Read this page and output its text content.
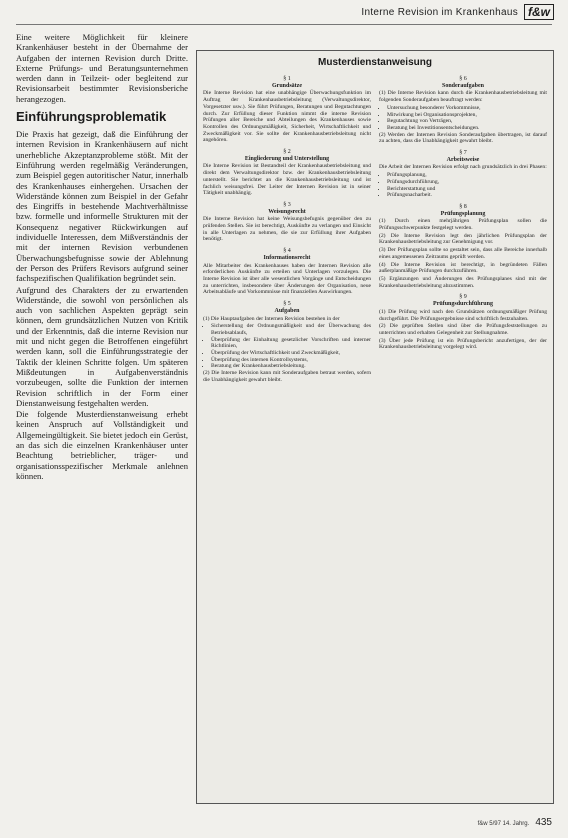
Interne Revision im Krankenhaus f&w

Eine weitere Möglichkeit für kleinere Krankenhäuser besteht in der Übernahme der Aufgaben der internen Revision durch Dritte. Externe Prüfungs- und Beratungsunternehmen werden dann in Teilzeit- oder begleitend zur Revisionsarbeit bestimmter Revisionsberiche herangezogen.

Einführungsproblematik

Die Praxis hat gezeigt, daß die Einführung der internen Revision in Krankenhäusern auf nicht unerhebliche Akzeptanzprobleme stößt. Mit der Einführung werden regelmäßig Veränderungen, zum Beispiel gegen autoritischer Natur, innerhalb des Krankenhauses einhergehen. Ursachen der Widerstände können zum Beispiel in der Gefahr des Eingriffs in bestehende Machtverhältnisse bzw. formelle und informelle Strukturen mit der Konsequenz negativer Rückwirkungen auf individuelle Interessen, dem Mißverständnis der mit der internen Revision verbundenen Überwachungsbefugnisse sowie der Ablehnung der Person des Prüfers Revisors aufgrund seiner fachspezifischen Qualifikation begründet sein.

Aufgrund des Charakters der zu erwartenden Widerstände, die sowohl von persönlichen als auch von sachlichen Aspekten geprägt sein können, dem grundsätzlichen Nutzen von Kritik und der Erkenntnis, daß die interne Revision nur mit und nicht gegen die Betroffenen eingeführt werden kann, soll die Einführungsstrategie der Taktik der kleinen Schritte folgen. Um späteren Mißdeutungen in Aufgabenverständnis vorzubeugen, sollte die Funktion der internen Revision schriftlich in der Form einer Dienstanweisung festgehalten werden.

Die folgende Musterdienstanweisung erhebt keinen Anspruch auf Vollständigkeit und Allgemeingültigkeit. Sie bietet jedoch ein Gerüst, an das sich die einzelnen Krankenhäuser unter Beachtung betrieblicher, träger- und organisationsspezifischer Merkmale anlehnen können.

Musterdienstanweisung
§ 1
Grundsätze

Die Interne Revision hat eine unabhängige Überwachungsfunktion im Auftrag der Krankenhausbetriebsleitung (Verwaltungsdirektor, Vorgesetzter usw.). Sie führt Prüfungen, Beratungen und Begutachtungen durch. Zur Erfüllung dieser Funktion nimmt die interne Revision Prüfungen aller Bereiche und Abteilungen des Krankenhauses sowie Kontrollen des Ordnungsmäßigkeit, Sicherheit, Wirtschaftlichkeit und Zweckmäßigkeit vor. Sie sollte der Krankenhausbetriebsleitung nicht angehören.

§ 2
Eingliederung und Unterstellung

Die Interne Revision ist Bestandteil der Krankenhausbetriebsleitung und direkt dem Verwaltungsdirektor bzw. der Krankenhausbetriebsleitung unterstellt. Sie berichtet an die Krankenhausbetriebsleitung und ist fachlich weisungsfrei. Der Leiter der Internen Revision ist in seiner Tätigkeit unabhängig.

§ 3
Weisungsrecht

Die Interne Revision hat keine Weisungsbefugnis gegenüber den zu prüfenden Stellen. Sie ist berechtigt, Auskünfte zu verlangen und Einsicht in alle Unterlagen zu nehmen, die sie zur Erfüllung ihrer Aufgaben benötigt.

§ 4
Informationsrecht

Alle Mitarbeiter des Krankenhauses haben der Internen Revision alle erforderlichen Auskünfte zu erteilen und Unterlagen vorzulegen. Die Interne Revision ist über alle wesentlichen Vorgänge und Entscheidungen zu unterrichten, insbesondere über Änderungen der Organisation, neue Arbeitsabläufe und Vorkommnisse mit finanziellen Auswirkungen.

§ 5
Aufgaben

(1) Die Hauptaufgaben der Internen Revision bestehen in der

• Sicherstellung der Ordnungsmäßigkeit und der Überwachung des Betriebsablaufs,
• Überprüfung der Einhaltung gesetzlicher Vorschriften und interner Richtlinien,
• Überprüfung der Wirtschaftlichkeit und Zweckmäßigkeit,
• Überprüfung des internen Kontrollsystems,
• Beratung der Krankenhausbetriebsleitung.

(2) Die Interne Revision kann mit Sonderaufgaben betraut werden, sofern die Unabhängigkeit gewahrt bleibt.

§ 6
Sonderaufgaben

(1) Die Interne Revision kann durch die Krankenhausbetriebsleitung mit folgenden Sonderaufgaben beauftragt werden:

• Untersuchung besonderer Vorkommnisse,
• Mitwirkung bei Organisationsprojekten,
• Begutachtung von Verträgen,
• Beratung bei Investitionsentscheidungen.

(2) Werden der Internen Revision Sonderaufgaben übertragen, ist darauf zu achten, dass die Unabhängigkeit gewahrt bleibt.

§ 7
Arbeitsweise

Die Arbeit der Internen Revision erfolgt nach grundsätzlich in drei Phasen:

• Prüfungsplanung,
• Prüfungsdurchführung,
• Berichterstattung und
• Prüfungsnacharbeit.
§ 8
Prüfungsplanung

(1) Durch einen mehrjährigen Prüfungsplan sollen die Prüfungsschwerpunkte festgelegt werden.

(2) Die Interne Revision legt den jährlichen Prüfungsplan der Krankenhausbetriebsleitung zur Genehmigung vor.

(3) Der Prüfungsplan sollte so gestaltet sein, dass alle Bereiche innerhalb eines angemessenen Zeitraums geprüft werden.

(4) Die Interne Revision ist berechtigt, in begründeten Fällen außerplanmäßige Prüfungen durchzuführen.

(5) Ergänzungen und Änderungen des Prüfungsplanes sind mit der Krankenhausbetriebsleitung abzustimmen.

§ 9
Prüfungsdurchführung

(1) Die Prüfung wird nach den Grundsätzen ordnungsmäßiger Prüfung durchgeführt. Die Prüfungsergebnisse sind schriftlich festzuhalten.

(2) Die geprüften Stellen sind über die Prüfungsfeststellungen zu unterrichten und erhalten Gelegenheit zur Stellungnahme.

(3) Über jede Prüfung ist ein Prüfungsbericht anzufertigen, der der Krankenhausbetriebsleitung vorgelegt wird.

f&w 5/97 14. Jahrg. 435
